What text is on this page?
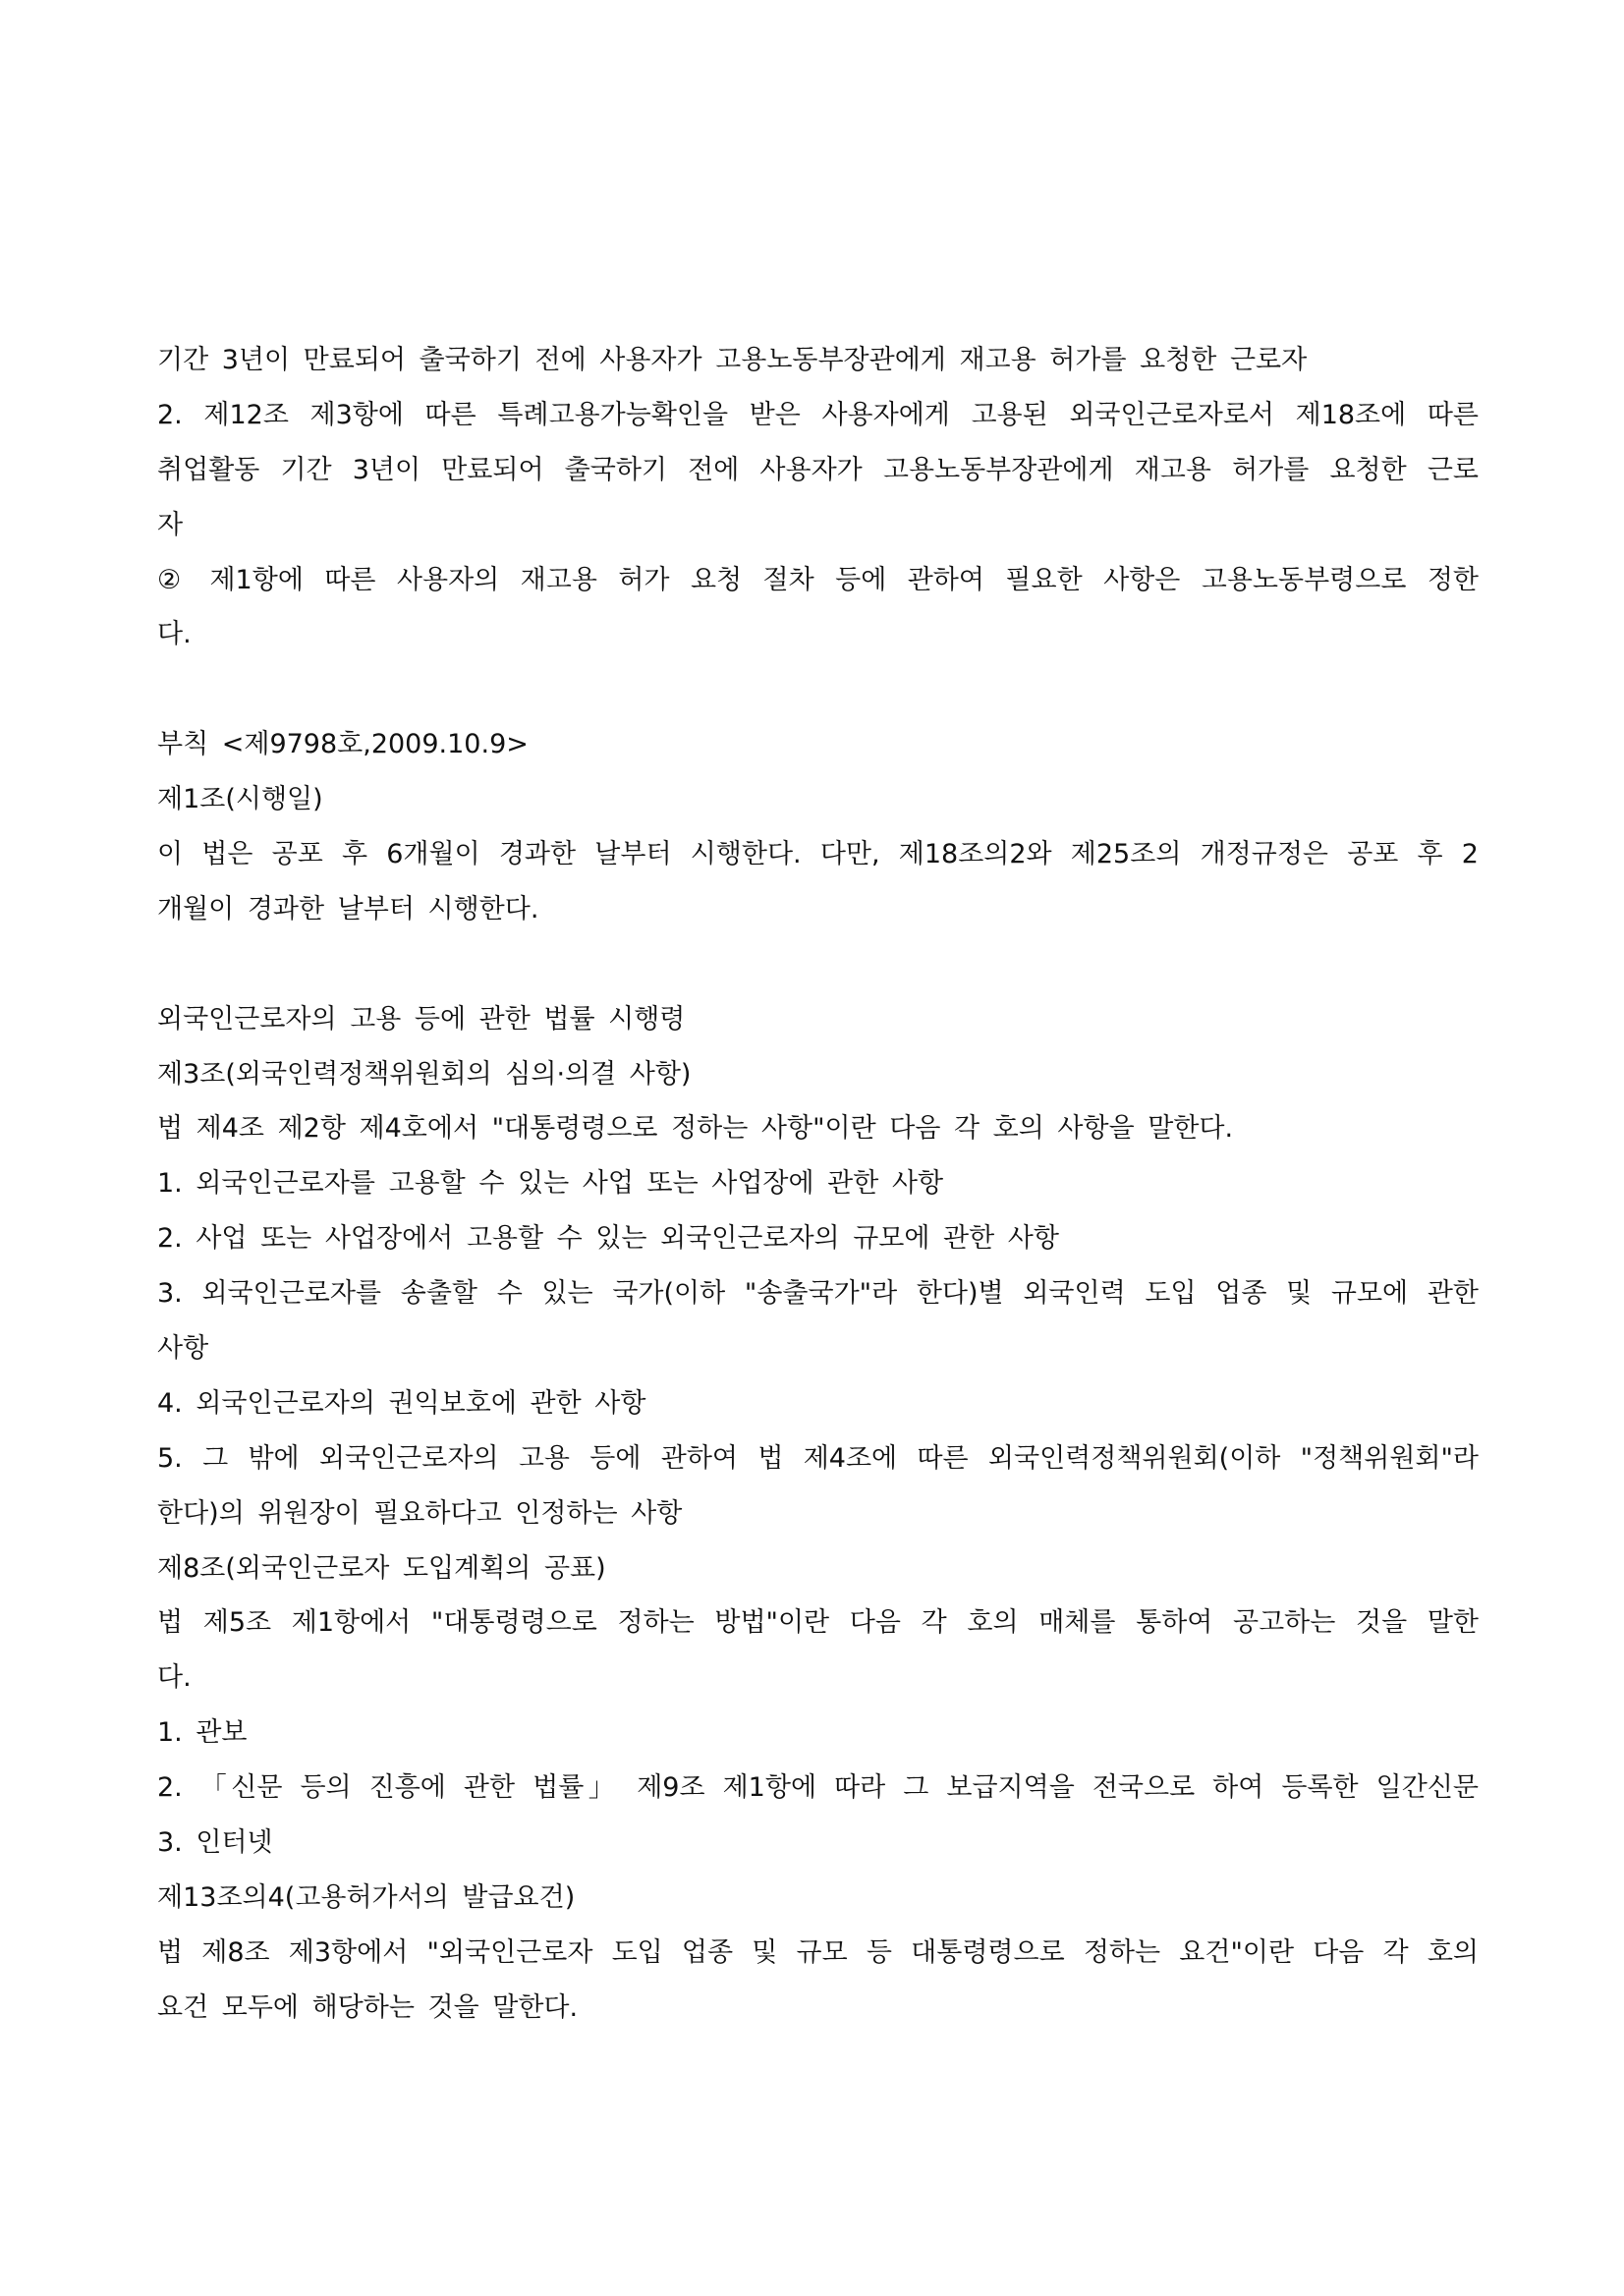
기간 3년이 만료되어 출국하기 전에 사용자가 고용노동부장관에게 재고용 허가를 요청한 근로자
2. 제12조 제3항에 따른 특례고용가능확인을 받은 사용자에게 고용된 외국인근로자로서 제18조에 따른
취업활동 기간 3년이 만료되어 출국하기 전에 사용자가 고용노동부장관에게 재고용 허가를 요청한 근로
자
② 제1항에 따른 사용자의 재고용 허가 요청 절차 등에 관하여 필요한 사항은 고용노동부령으로 정한
다.
부칙 <제9798호,2009.10.9>
제1조(시행일)
이 법은 공포 후 6개월이 경과한 날부터 시행한다. 다만, 제18조의2와 제25조의 개정규정은 공포 후 2
개월이 경과한 날부터 시행한다.
외국인근로자의 고용 등에 관한 법률 시행령
제3조(외국인력정책위원회의 심의·의결 사항)
법 제4조 제2항 제4호에서 "대통령령으로 정하는 사항"이란 다음 각 호의 사항을 말한다.
1. 외국인근로자를 고용할 수 있는 사업 또는 사업장에 관한 사항
2. 사업 또는 사업장에서 고용할 수 있는 외국인근로자의 규모에 관한 사항
3. 외국인근로자를 송출할 수 있는 국가(이하 "송출국가"라 한다)별 외국인력 도입 업종 및 규모에 관한
사항
4. 외국인근로자의 권익보호에 관한 사항
5. 그 밖에 외국인근로자의 고용 등에 관하여 법 제4조에 따른 외국인력정책위원회(이하 "정책위원회"라
한다)의 위원장이 필요하다고 인정하는 사항
제8조(외국인근로자 도입계획의 공표)
법 제5조 제1항에서 "대통령령으로 정하는 방법"이란 다음 각 호의 매체를 통하여 공고하는 것을 말한
다.
1. 관보
2. 「신문 등의 진흥에 관한 법률」 제9조 제1항에 따라 그 보급지역을 전국으로 하여 등록한 일간신문
3. 인터넷
제13조의4(고용허가서의 발급요건)
법 제8조 제3항에서 "외국인근로자 도입 업종 및 규모 등 대통령령으로 정하는 요건"이란 다음 각 호의
요건 모두에 해당하는 것을 말한다.
